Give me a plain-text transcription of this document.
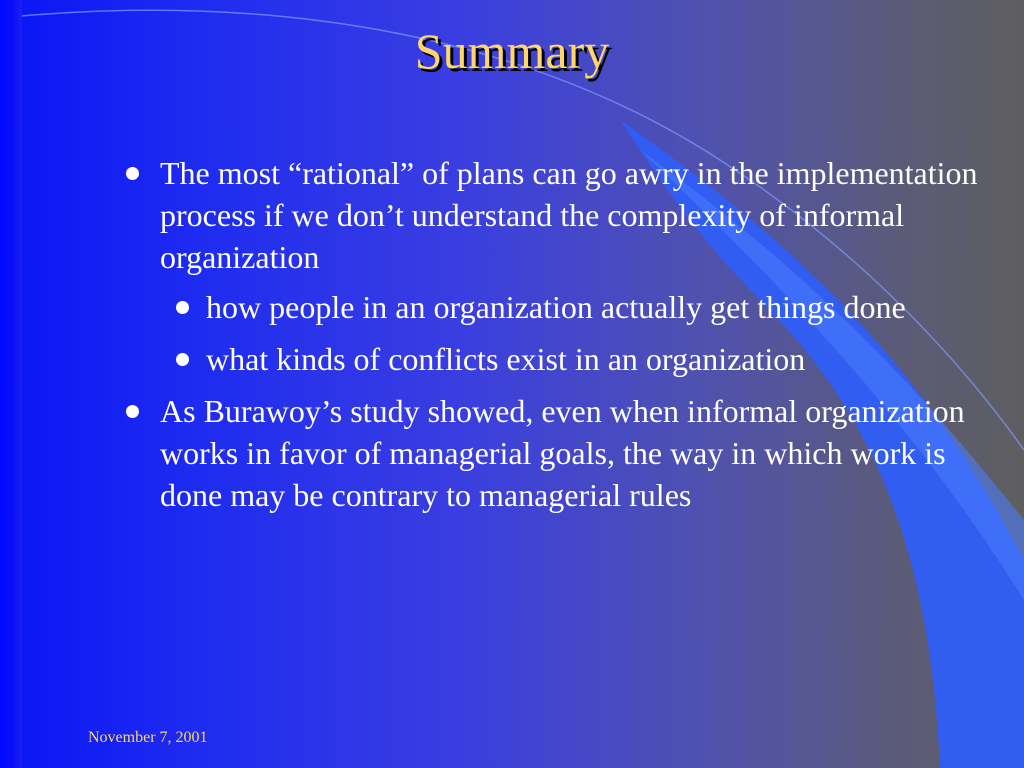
Summary
The most “rational” of plans can go awry in the implementation process if we don’t understand the complexity of informal organization
how people in an organization actually get things done
what kinds of conflicts exist in an organization
As Burawoy’s study showed, even when informal organization works in favor of managerial goals, the way in which work is done may be contrary to managerial rules
November 7, 2001
